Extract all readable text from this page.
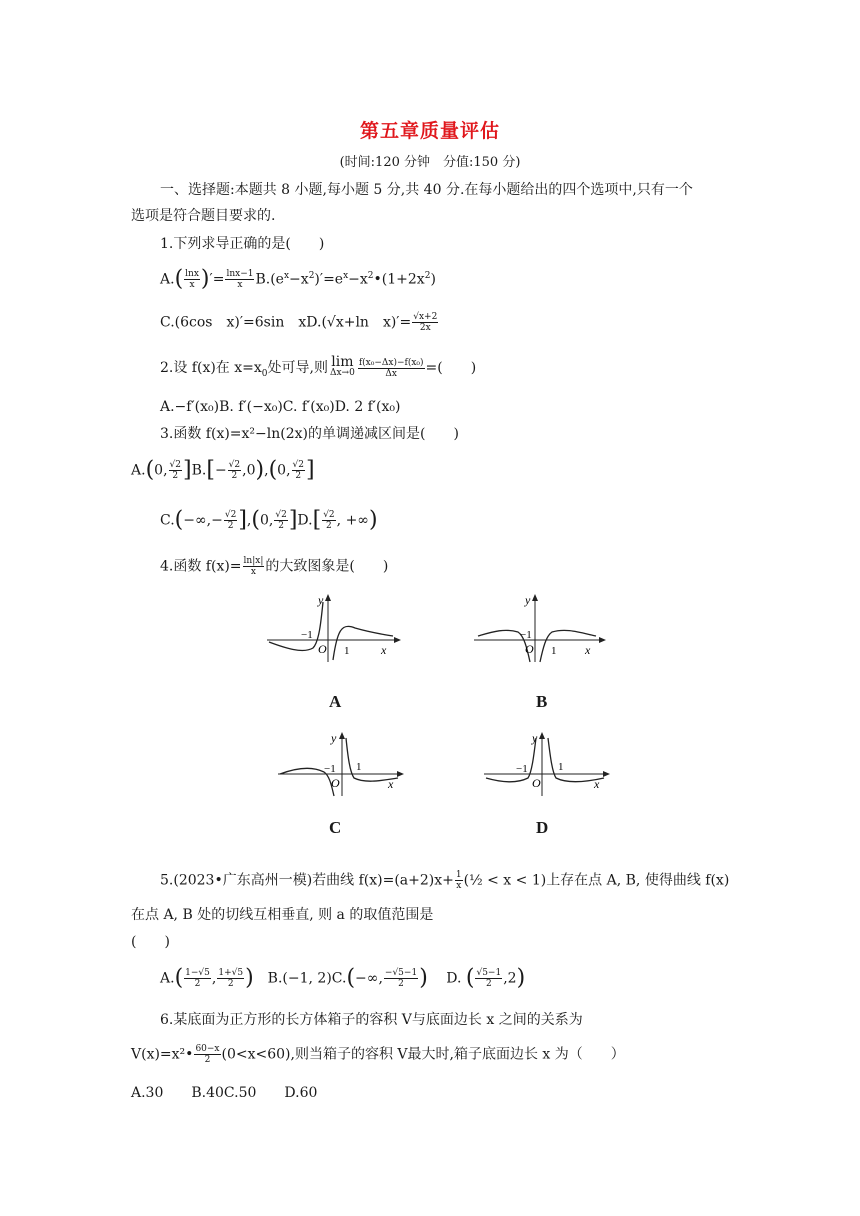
第五章质量评估
(时间:120 分钟　分值:150 分)
一、选择题:本题共 8 小题,每小题 5 分,共 40 分.在每小题给出的四个选项中,只有一个
选项是符合题目要求的.
1.下列求导正确的是(　　)
$A.( \frac{\ln x}{x}$ )′= $\frac{\ln x-1}{x}$ $B.(e^x-x^2)'=e^x-x^2•(1+2x^2)$
C.(6cos　x)′=6sin　xD.(√x+ln　$x)'= \frac{√x+2}{2x}$
2.设 f(x)在 $x=x_0$处可导,则 lim
$\Delta x\to 0 \frac{\text{f(x₀−Δx)−f(x₀)}}{\Delta x}$ =(　　)
A.−f′(x₀)B. f′(−x₀)C. f′(x₀)D. 2 f′(x₀)
3.函数 f(x)=x²−ln(2x)的单调递减区间是(　　)
A.(0, $\frac{√2}{2} ]B.[- \frac{√2}{2} ,0),(0$, $\frac{√2}{2}$ ]
$C.(-\infty,- \frac{√2}{2} ],(0$, $\frac{√2}{2} ]D.[ \frac{√2}{2}$ , +∞)
4.函数 $f(x)= \frac{\ln|x|}{x}$ 的大致图象是(　　)
y
x
O
−1
1
A
y
x
O
−1
1
B
y
x
O
−1 1
C
y
x
O
−1	1
D
5.(2023•广东高州一模)若曲线 $f(x)=(a+2)x+ \frac{1}{x}$ (½ < x < 1)上存在点 A, B, 使得曲线 f(x)
在点 A, B 处的切线互相垂直, 则 a 的取值范围是
(　　)
$A.( \frac{1-√5}{2}$ , $\frac{1+√5}{2}$ )　 B.(−1, 2)C.(−∞, $\frac{-√5-1}{2}$ )　 D. ( $\frac{√5-1}{2} ,2$)
6.某底面为正方形的长方体箱子的容积 V与底面边长 x 之间的关系为
V(x)=x²• $\frac{60-x}{2} (0<x<60)$,则当箱子的容积 V最大时,箱子底面边长 x 为（　　）
A.30　　B.40C.50　　D.60
